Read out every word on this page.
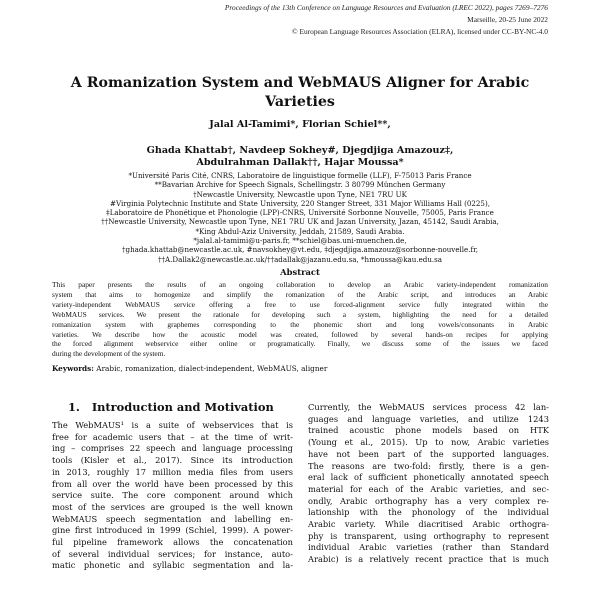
Proceedings of the 13th Conference on Language Resources and Evaluation (LREC 2022), pages 7269–7276
Marseille, 20-25 June 2022
© European Language Resources Association (ELRA), licensed under CC-BY-NC-4.0
A Romanization System and WebMAUS Aligner for Arabic
Varieties
Jalal Al-Tamimi*, Florian Schiel**,
Ghada Khattab†, Navdeep Sokhey#, Djegdjiga Amazouz‡,
Abdulrahman Dallak††, Hajar Moussa*
*Université Paris Cité, CNRS, Laboratoire de linguistique formelle (LLF), F-75013 Paris France
**Bavarian Archive for Speech Signals, Schellingstr. 3 80799 München Germany
†Newcastle University, Newcastle upon Tyne, NE1 7RU UK
#Virginia Polytechnic Institute and State University, 220 Stanger Street, 331 Major Williams Hall (0225),
‡Laboratoire de Phonétique et Phonologie (LPP)-CNRS, Université Sorbonne Nouvelle, 75005, Paris France
††Newcastle University, Newcastle upon Tyne, NE1 7RU UK and Jazan University, Jazan, 45142, Saudi Arabia,
*King Abdul-Aziz University, Jeddah, 21589, Saudi Arabia.
*jalal.al-tamimi@u-paris.fr, **schiel@bas.uni-muenchen.de,
†ghada.khattab@newcastle.ac.uk, #navsokhey@vt.edu, ‡djegdjiga.amazouz@sorbonne-nouvelle.fr,
††A.Dallak2@newcastle.ac.uk/††adallak@jazanu.edu.sa, *hmoussa@kau.edu.sa
Abstract
This paper presents the results of an ongoing collaboration to develop an Arabic variety-independent romanization
system that aims to homogenize and simplify the romanization of the Arabic script, and introduces an Arabic
variety-independent WebMAUS service offering a free to use forced-alignment service fully integrated within the
WebMAUS services. We present the rationale for developing such a system, highlighting the need for a detailed
romanization system with graphemes corresponding to the phonemic short and long vowels/consonants in Arabic
varieties. We describe how the acoustic model was created, followed by several hands-on recipes for applying
the forced alignment webservice either online or programatically. Finally, we discuss some of the issues we faced
during the development of the system.
Keywords: Arabic, romanization, dialect-independent, WebMAUS, aligner
1. Introduction and Motivation
The WebMAUS¹ is a suite of webservices that is
free for academic users that – at the time of writ-
ing – comprises 22 speech and language processing
tools (Kisler et al., 2017). Since its introduction
in 2013, roughly 17 million media files from users
from all over the world have been processed by this
service suite. The core component around which
most of the services are grouped is the well known
WebMAUS speech segmentation and labelling en-
gine first introduced in 1999 (Schiel, 1999). A power-
ful pipeline framework allows the concatenation
of several individual services; for instance, auto-
matic phonetic and syllabic segmentation and la-
Currently, the WebMAUS services process 42 lan-
guages and language varieties, and utilize 1243
trained acoustic phone models based on HTK
(Young et al., 2015). Up to now, Arabic varieties
have not been part of the supported languages.
The reasons are two-fold: firstly, there is a gen-
eral lack of sufficient phonetically annotated speech
material for each of the Arabic varieties, and sec-
ondly, Arabic orthography has a very complex re-
lationship with the phonology of the individual
Arabic variety. While diacritised Arabic orthogra-
phy is transparent, using orthography to represent
individual Arabic varieties (rather than Standard
Arabic) is a relatively recent practice that is much
